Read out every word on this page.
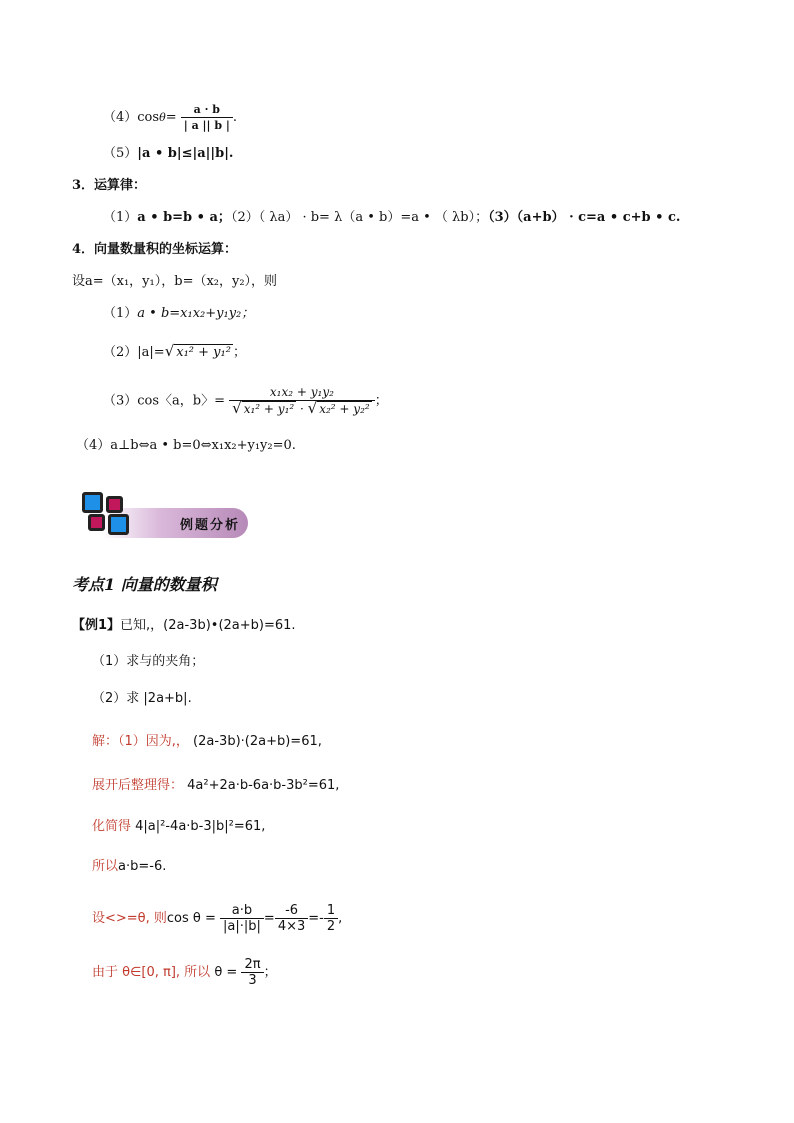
$(4)\cos\theta= \frac{a \cdot b}{| a || b |}$ .
（5）|a • b|≤|a||b|.
3．运算律：
（1）a • b=b • a；（2）（ λa） · b= λ（a • b）=a • （ λb）；（3）（a+b） · c=a • c+b • c.
4．向量数量积的坐标运算：
设a=（x₁，y₁），b=（x₂，y₂），则
（1）a • b=x₁x₂+y₁y₂；
（2）|a|=√ x₁² + y₁² ；
（3）cos〈a，b〉= $\frac{\text{x₁x₂ + y₁y₂}}{\text{√ x₁² + y₁² · √ x₂² + y₂²}}$ ；
（4）a⊥b⇔a • b=0⇔x₁x₂+y₁y₂=0.
例题分析
考点1 向量的数量积
【例1】已知,，(2a-3b)•(2a+b)=61.
（1）求与的夹角；
（2）求 |2a+b|.
解：（1）因为,， (2a-3b)·(2a+b)=61,
展开后整理得： 4a²+2a·b-6a·b-3b²=61,
化简得 4|a|²-4a·b-3|b|²=61,
所以a·b=-6.
设<>=θ, 则$\cos \theta = \frac{a\cdot b}{|a|\cdot|b|} = \frac{-6}{4\times 3} =- \frac{1}{2}$ ,
由于 θ∈[0, π], 所以 $\theta = \frac{2\pi}{3}$ ；
